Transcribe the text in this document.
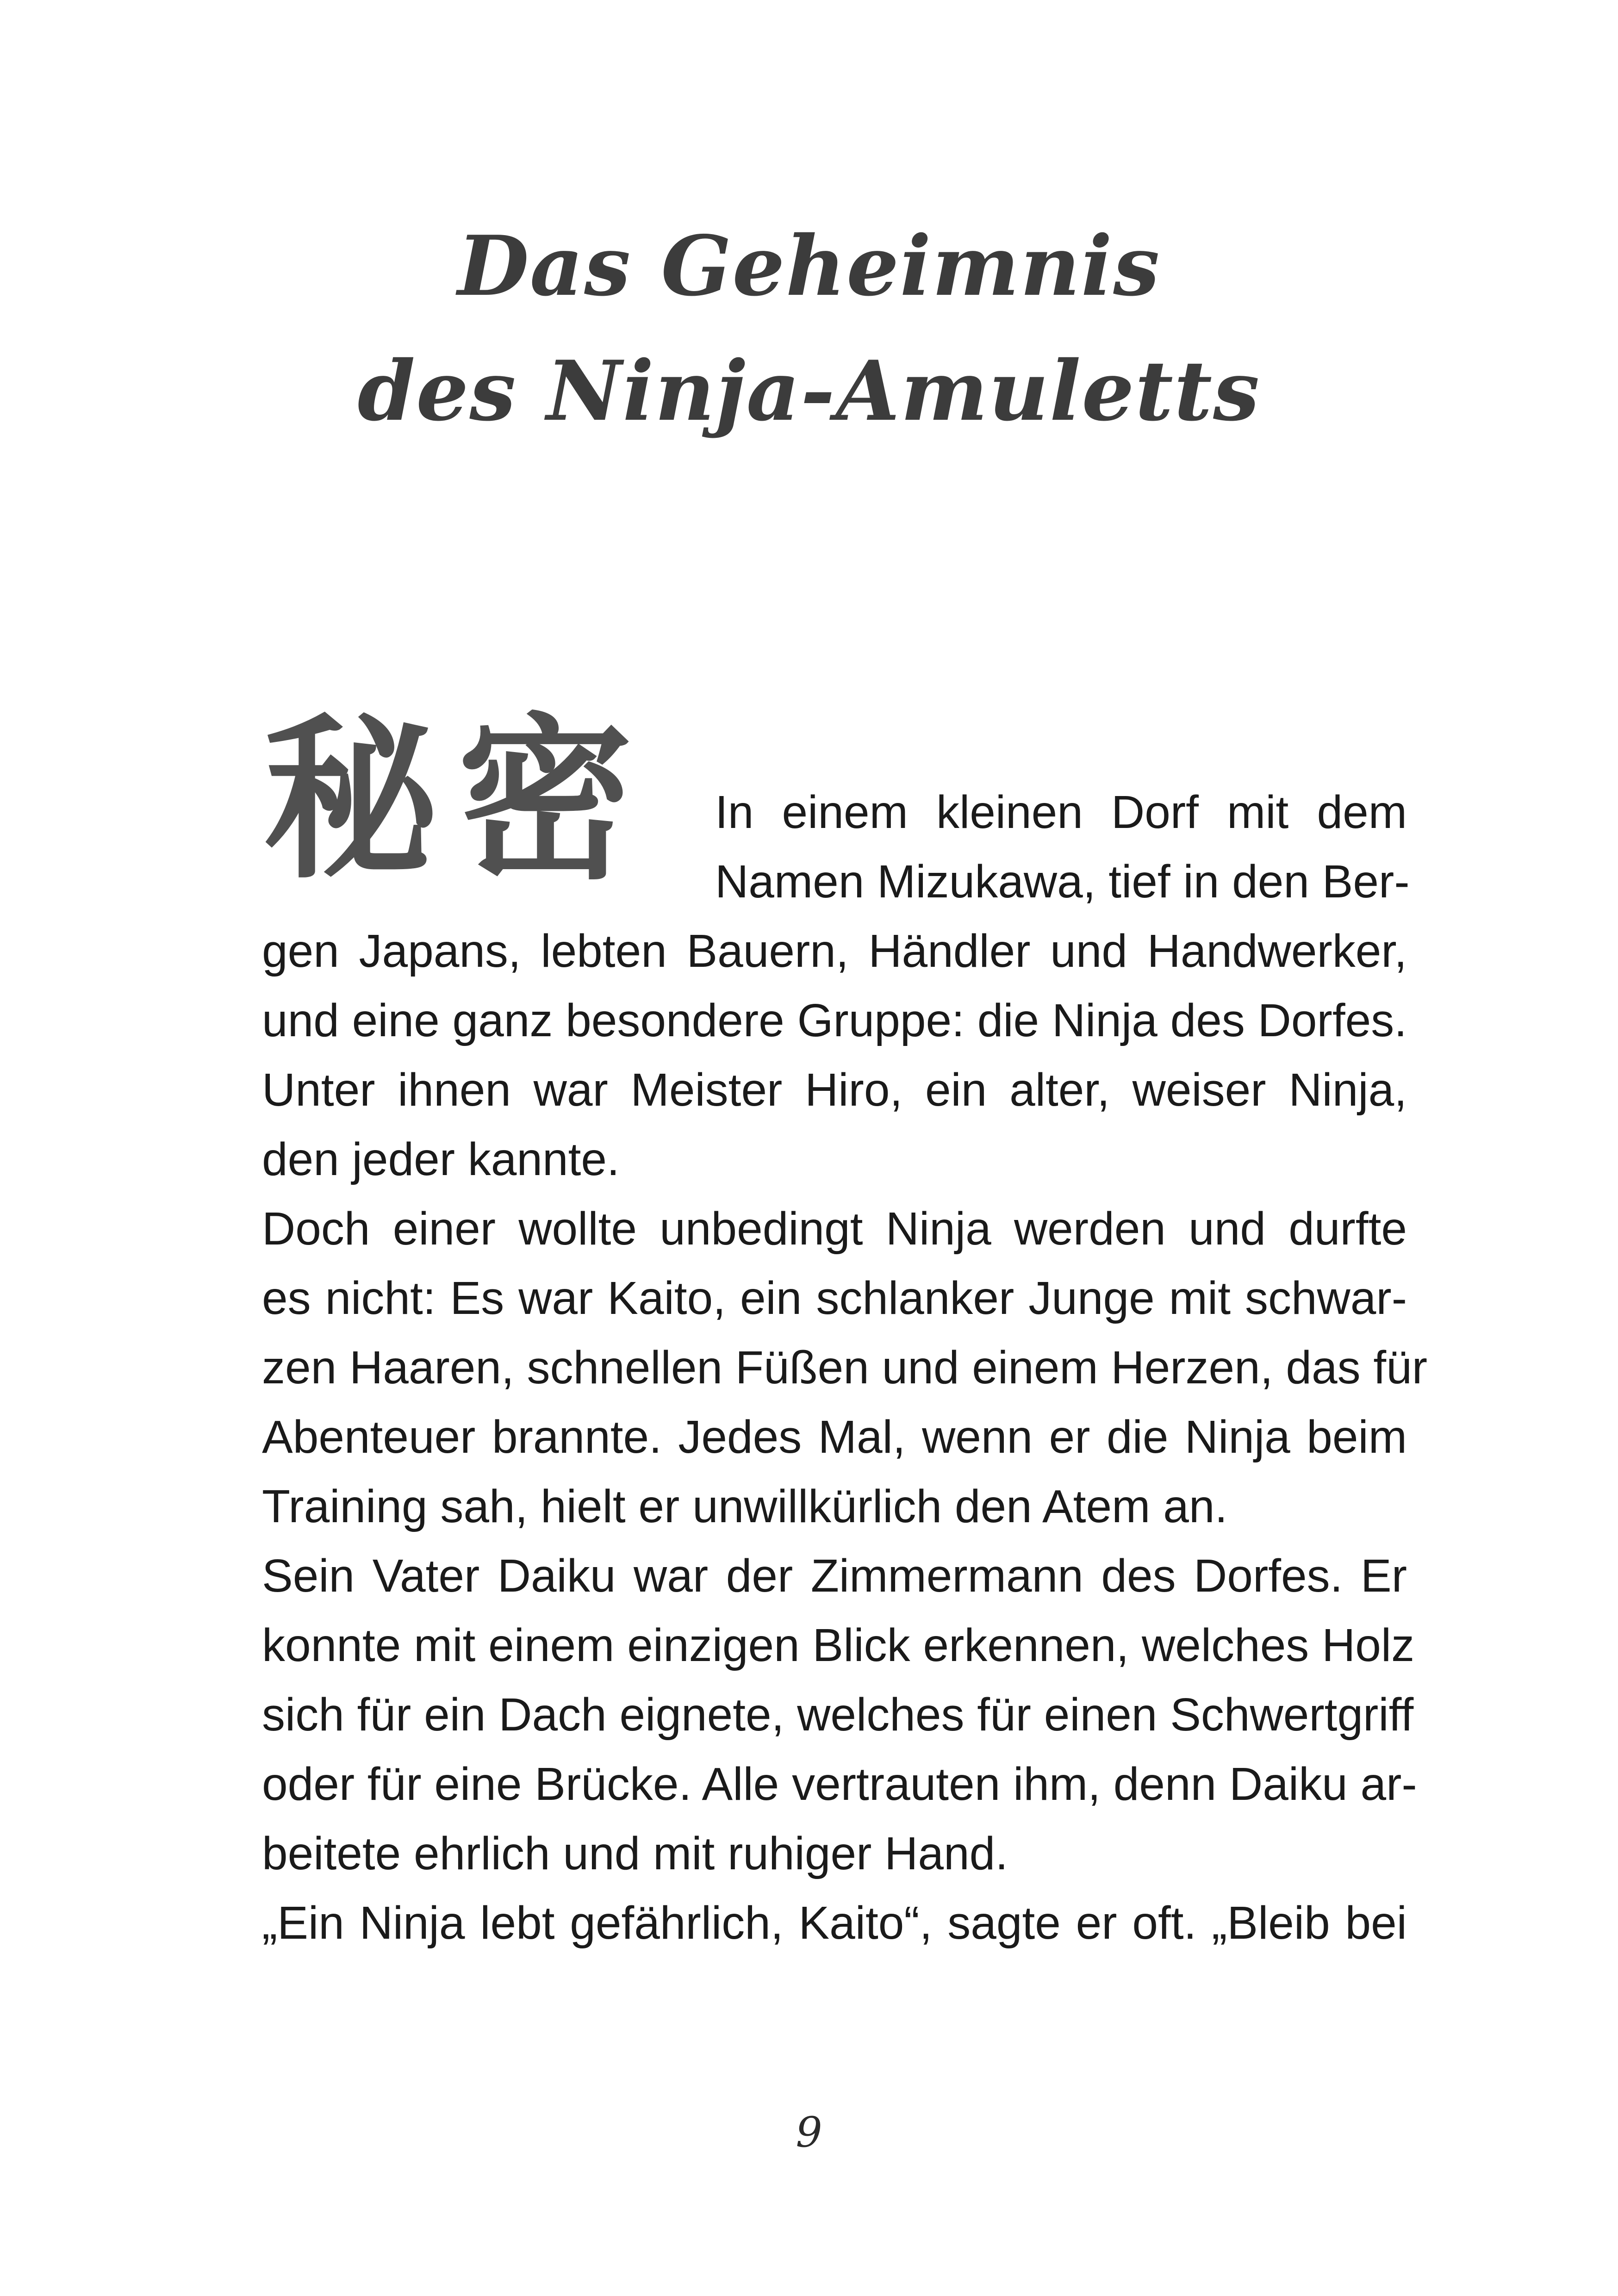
Das Geheimnis
des Ninja-Amuletts
秘密 In einem kleinen Dorf mit dem
Namen Mizukawa, tief in den Ber-
gen Japans, lebten Bauern, Händler und Handwerker,
und eine ganz besondere Gruppe: die Ninja des Dorfes.
Unter ihnen war Meister Hiro, ein alter, weiser Ninja,
den jeder kannte.
Doch einer wollte unbedingt Ninja werden und durfte
es nicht: Es war Kaito, ein schlanker Junge mit schwar-
zen Haaren, schnellen Füßen und einem Herzen, das für
Abenteuer brannte. Jedes Mal, wenn er die Ninja beim
Training sah, hielt er unwillkürlich den Atem an.
Sein Vater Daiku war der Zimmermann des Dorfes. Er
konnte mit einem einzigen Blick erkennen, welches Holz
sich für ein Dach eignete, welches für einen Schwertgriff
oder für eine Brücke. Alle vertrauten ihm, denn Daiku ar-
beitete ehrlich und mit ruhiger Hand.
„Ein Ninja lebt gefährlich, Kaito“, sagte er oft. „Bleib bei
9
